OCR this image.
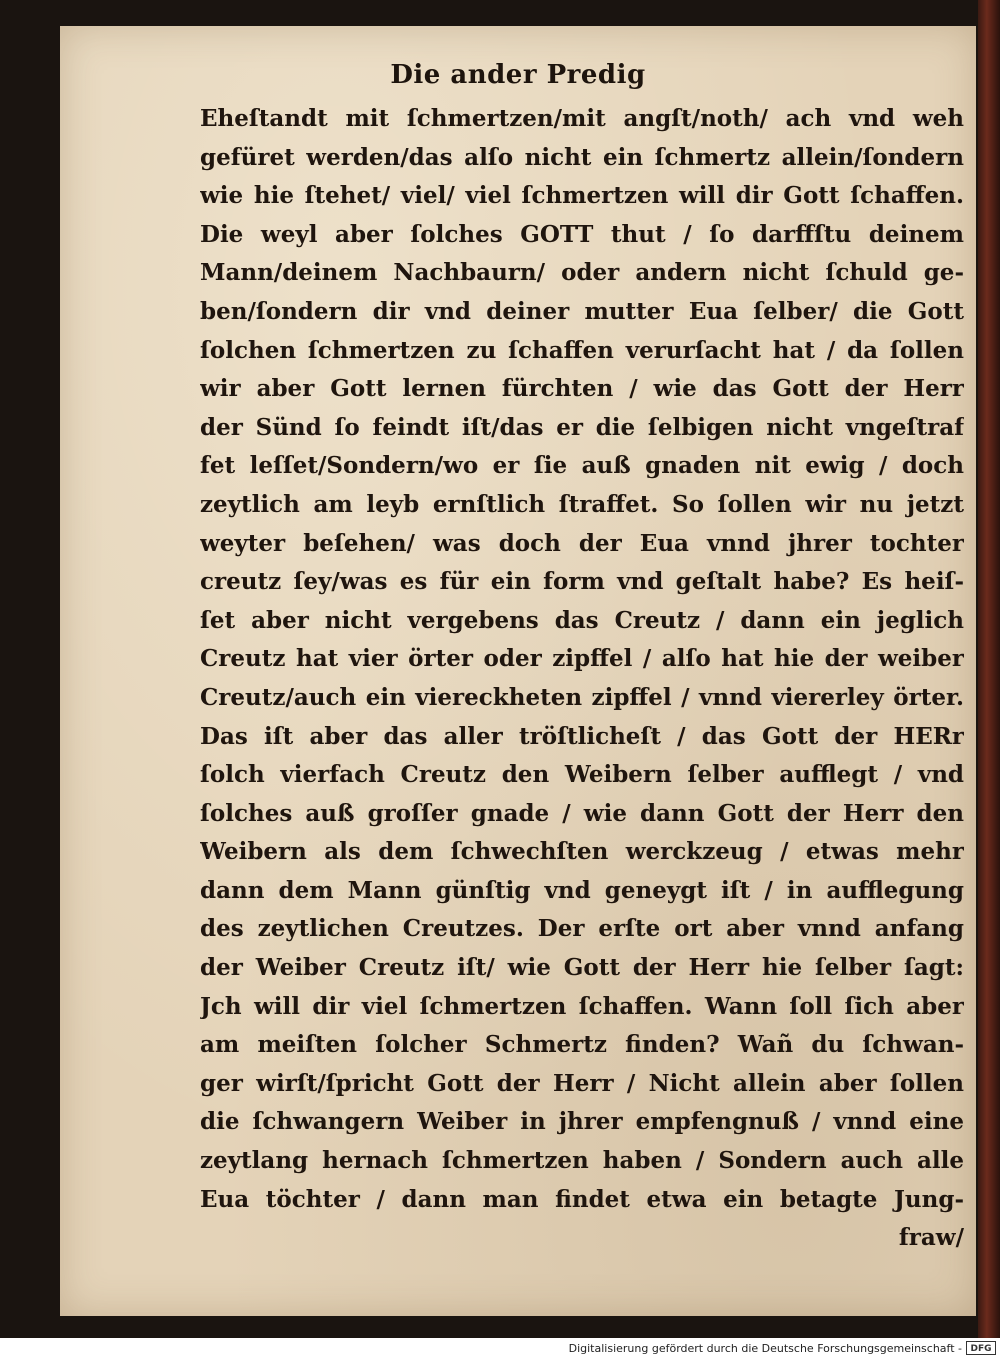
Die ander Predig
Eheſtandt mit ſchmertzen/mit angſt/noth/ ach vnd weh
gefüret werden/das alſo nicht ein ſchmertz allein/ſondern
wie hie ſtehet/ viel/ viel ſchmertzen will dir Gott ſchaffen.
Die weyl aber ſolches GOTT thut / ſo darffſtu deinem
Mann/deinem Nachbaurn/ oder andern nicht ſchuld ge-
ben/ſondern dir vnd deiner mutter Eua ſelber/ die Gott
ſolchen ſchmertzen zu ſchaffen verurſacht hat / da ſollen
wir aber Gott lernen fürchten / wie das Gott der Herr
der Sünd ſo feindt iſt/das er die ſelbigen nicht vngeſtraf
fet leſſet/Sondern/wo er ſie auß gnaden nit ewig / doch
zeytlich am leyb ernſtlich ſtraffet. So ſollen wir nu jetzt
weyter beſehen/ was doch der Eua vnnd jhrer tochter
creutz ſey/was es für ein form vnd geſtalt habe? Es heiſ-
ſet aber nicht vergebens das Creutz / dann ein jeglich
Creutz hat vier örter oder zipffel / alſo hat hie der weiber
Creutz/auch ein viereckheten zipffel / vnnd viererley örter.
Das iſt aber das aller tröſtlicheſt / das Gott der HERr
ſolch vierfach Creutz den Weibern ſelber aufflegt / vnd
ſolches auß groſſer gnade / wie dann Gott der Herr den
Weibern als dem ſchwechſten werckzeug / etwas mehr
dann dem Mann günſtig vnd geneygt iſt / in aufflegung
des zeytlichen Creutzes. Der erſte ort aber vnnd anfang
der Weiber Creutz iſt/ wie Gott der Herr hie ſelber ſagt:
Jch will dir viel ſchmertzen ſchaffen. Wann ſoll ſich aber
am meiſten ſolcher Schmertz finden? Wañ du ſchwan-
ger wirſt/ſpricht Gott der Herr / Nicht allein aber ſollen
die ſchwangern Weiber in jhrer empfengnuß / vnnd eine
zeytlang hernach ſchmertzen haben / Sondern auch alle
Eua töchter / dann man findet etwa ein betagte Jung-
fraw/
Digitalisierung gefördert durch die Deutsche Forschungsgemeinschaft - DFG
